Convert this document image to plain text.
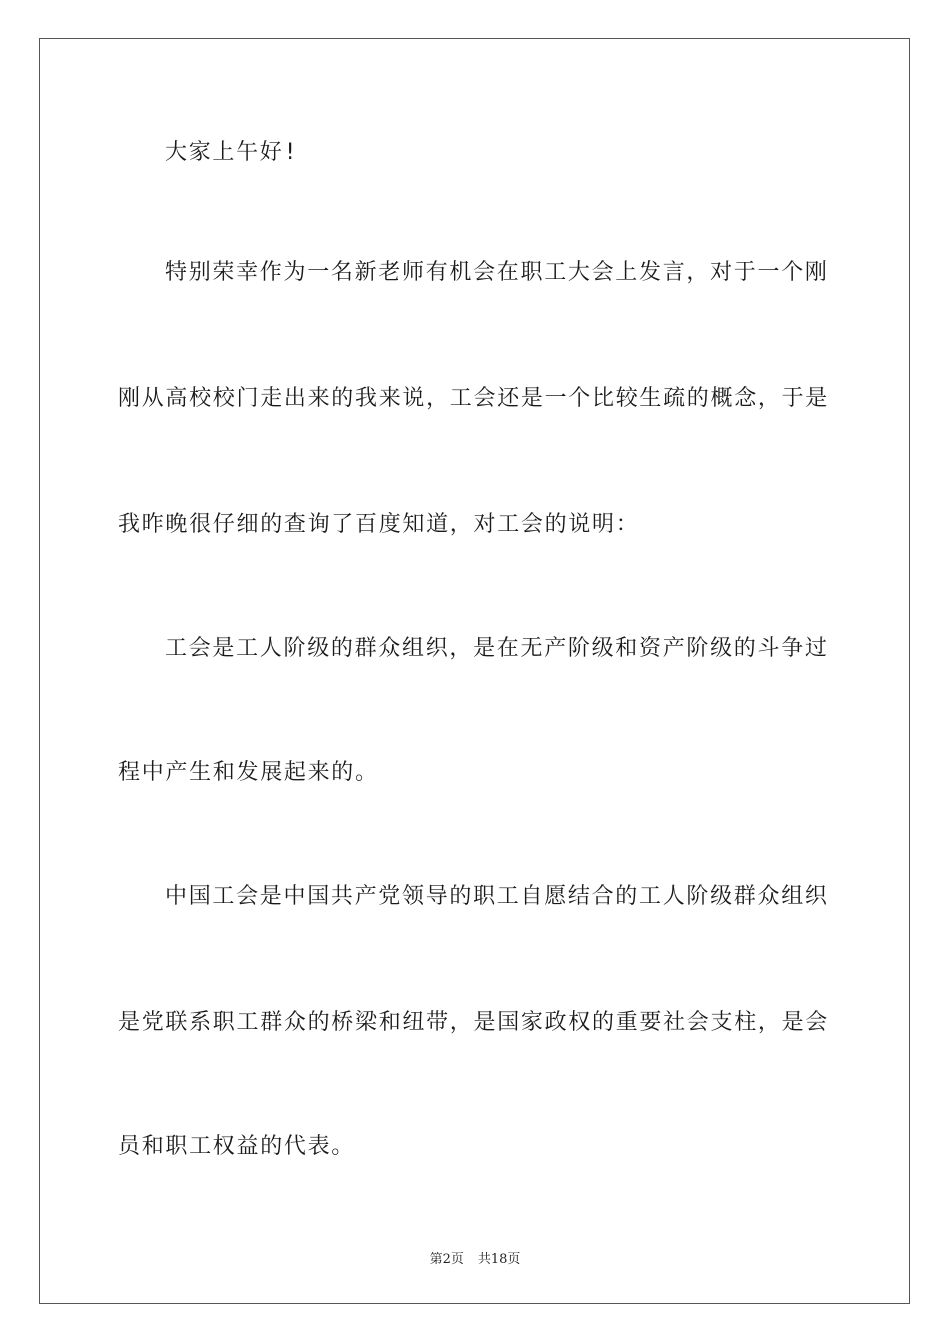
大家上午好!
特别荣幸作为一名新老师有机会在职工大会上发言，对于一个刚
刚从高校校门走出来的我来说，工会还是一个比较生疏的概念，于是
我昨晚很仔细的查询了百度知道，对工会的说明：
工会是工人阶级的群众组织，是在无产阶级和资产阶级的斗争过
程中产生和发展起来的。
中国工会是中国共产党领导的职工自愿结合的工人阶级群众组织
是党联系职工群众的桥梁和纽带，是国家政权的重要社会支柱，是会
员和职工权益的代表。
第2页 共18页
